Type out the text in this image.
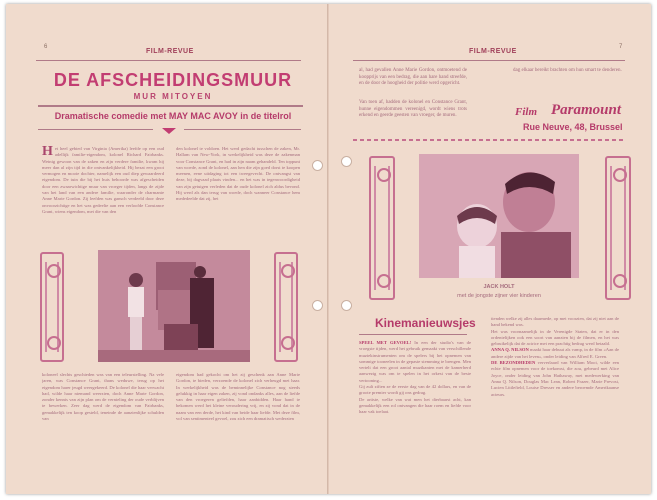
6
FILM-REVUE
DE AFSCHEIDINGSMUUR
MUR MITOYEN
Dramatische comedie met MAY MAC AVOY in de titelrol
Het heel gebied van Virginia (Amerika) leefde op een oud adellijk familie-eigendom, kolonel Richard Fairbanks. Weinig gewoon van de zaken en zijn verdere familie, kwam hij meer dan al zijn tijd in die ontvankelijkheid. Hij bezat een groot vermogen en mooie dochter, namelijk een oud diep gewaardeerd eigendom. De tuin die bij het huis behoorde was afgescheiden door een zwaarwichtige muur van vroeger tijden, langs de zijde van het land van een andere familie, waaronder de charmante Anne Marie Gordon. Zij leefden was gansch verdeeld door deze onvoorzichtige en het was gedeelte aan een verloofde Constance Grant, wiens eigendom, met die van den
den kolonel te voldoen. Het werd gedacht tusschen de zaken, Mr. Hallam van New-York, in werkelijkheid was deze de zakenman voor Constance Grant, en had in zijn naam gehandeld. Ten toppunt van woede, zond de kolonel, aan hen die zijn goed dorst te koopen meenen, eene uitdaging tot een tweegevecht. De ontvangst van deze, bij dagvaad plaats vinden... en het was in tegenwoordigheid van zijn getuigen verleden dat de oude kolonel zich aldus bevond. Hij werd als dan terug van woede, doch wanneer Constance hem mededeelde dat zij, het
koloneel slechts geschieden was van een teleurstelling. Na vele jaren, was Constance Grant, thans weduwe, terug op het eigendom harer jeugd weergekeerd. De kolonel die haar verwacht had, wilde haar niemand weerzien, doch Anne Marie Gordon, zonder kennis van zijn plan om de vernieling der oude verblijven te bewerken. Zeer dag werd de eigendom van Fairbanks, gemakkelijk ten koop gesteld, teneinde de aanzienlijke schulden van
eigendom had gekocht om het zij geschenk aan Anne Marie Gordon, te bieden, verzoende de kolonel zich verheugd met haar. In werkelijkheid was de beminnelijke Constance nog steeds gelukkig in haar eigen zaken, zij vond ondanks alles, aan de liefde van den vroegeren geliefden, haar aanbidden. Haar hand te bekomen werd het kleine veroudering vrij, en zij vond dat in de naam van een derde, het kind van beide haar liefde. Met deze film, vol van sentimenteel gevoel, zou zich een dramatisch wederzien
FILM-REVUE
7
al, had gevallen Anne Marie Gordon, ontmoetend de koopprijs van een bedrag, die aan hare hand streefde, en de door de hoogheid der politie werd opgericht.
Van toen af, hadden de kolonel en Constance Grant, hunne eigendommen vereenigd, wordt wiens trots erkend en geerde geesten van vroeger, de muren.
dag elkaar bereikt brachten om hun smart te denderen.
Film Paramount
Rue Neuve, 48, Brussel
JACK HOLT
met de jongste zijner vier kinderen
Kinemanieuwsjes
SPEEL MET GEVOEL! In een der studio's van de vroegste tijden, werd het gebruik gemaakt van verschillende muziekinstrumenten om de spelers bij het opnemen van sommige tooneelen in de gepaste stemming te brengen. Men vertelt dat een groot aantal muzikanten met de kamerherd aanwezig was om te spelen in het orkest van de beste vertooning...
Gij zult ziften ze de eerste dag van de 42 dollars, en van de groote premier wordt gij ons gedrag.
De artiste, welke van wat men het dierbaarst acht, kan gemakkelijk een rol ontvangen die haar roem en liefde voor haar vak toelaat.
tienden welke zij alles daarmede, op met voorzien, dat zij niet aan de hand bekend was.
Het was voornaamelijk in de Verenigde Staten, dat er in den ordentelijken ook een soort van aanzien bij de filmen, en het was gebruikelijk dat de actrice met een prachtig bedrag werd betaald.
ANNA Q. NILSON maakt haar debuut als vamp, in de film «Aan de andere zijde van het leven», onder leiding van Alfred E. Green.
DE BEZONDHEDEN ververlaard van William Mooi, wilde een echte film opnemen voor de toekomst, die zou, gebeurd met Alice Joyce, onder leiding van John Hathaway, met medewerking van Anna Q. Nilson, Douglas Mac Lean, Robert Frazer, Marie Prevost, Lucien Littlefield, Louise Dresser en andere beroemde Amerikaanse acteurs.
